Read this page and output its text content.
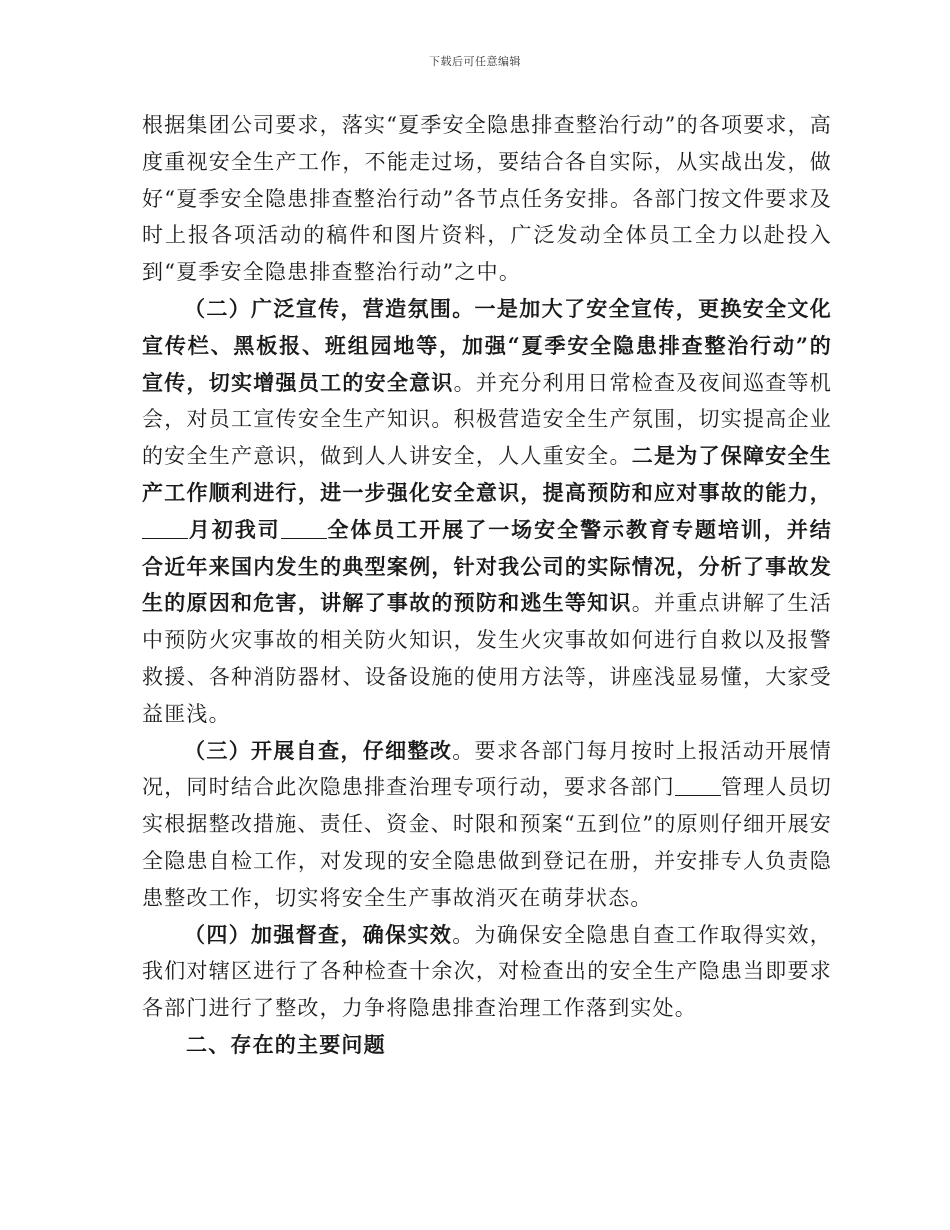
下载后可任意编辑

根据集团公司要求，落实“夏季安全隐患排查整治行动”的各项要求，高度重视安全生产工作，不能走过场，要结合各自实际，从实战出发，做好“夏季安全隐患排查整治行动”各节点任务安排。各部门按文件要求及时上报各项活动的稿件和图片资料，广泛发动全体员工全力以赴投入到“夏季安全隐患排查整治行动”之中。

（二）广泛宣传，营造氛围。一是加大了安全宣传，更换安全文化宣传栏、黑板报、班组园地等，加强“夏季安全隐患排查整治行动”的宣传，切实增强员工的安全意识。并充分利用日常检查及夜间巡查等机会，对员工宣传安全生产知识。积极营造安全生产氛围，切实提高企业的安全生产意识，做到人人讲安全，人人重安全。二是为了保障安全生产工作顺利进行，进一步强化安全意识，提高预防和应对事故的能力，月初我司 全体员工开展了一场安全警示教育专题培训，并结合近年来国内发生的典型案例，针对我公司的实际情况，分析了事故发生的原因和危害，讲解了事故的预防和逃生等知识。并重点讲解了生活中预防火灾事故的相关防火知识，发生火灾事故如何进行自救以及报警救援、各种消防器材、设备设施的使用方法等，讲座浅显易懂，大家受益匪浅。

（三）开展自查，仔细整改。要求各部门每月按时上报活动开展情况，同时结合此次隐患排查治理专项行动，要求各部门 管理人员切实根据整改措施、责任、资金、时限和预案“五到位”的原则仔细开展安全隐患自检工作，对发现的安全隐患做到登记在册，并安排专人负责隐患整改工作，切实将安全生产事故消灭在萌芽状态。

（四）加强督查，确保实效。为确保安全隐患自查工作取得实效，我们对辖区进行了各种检查十余次，对检查出的安全生产隐患当即要求各部门进行了整改，力争将隐患排查治理工作落到实处。

二、存在的主要问题
